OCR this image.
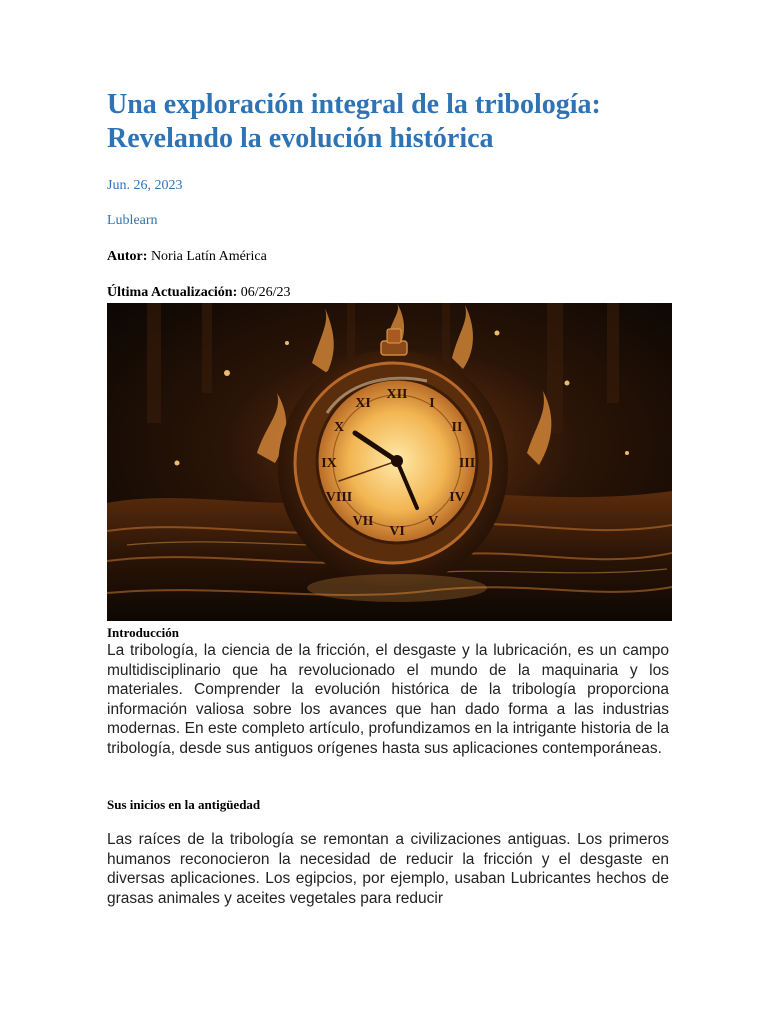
Una exploración integral de la tribología: Revelando la evolución histórica

Jun. 26, 2023

Lublearn

Autor: Noria Latín América

Última Actualización: 06/26/23

XII
I
II
III
IV
V
VI
VII
VIII
IX
X
XI

Introducción

La tribología, la ciencia de la fricción, el desgaste y la lubricación, es un campo multidisciplinario que ha revolucionado el mundo de la maquinaria y los materiales. Comprender la evolución histórica de la tribología proporciona información valiosa sobre los avances que han dado forma a las industrias modernas. En este completo artículo, profundizamos en la intrigante historia de la tribología, desde sus antiguos orígenes hasta sus aplicaciones contemporáneas.

Sus inicios en la antigüedad

Las raíces de la tribología se remontan a civilizaciones antiguas. Los primeros humanos reconocieron la necesidad de reducir la fricción y el desgaste en diversas aplicaciones. Los egipcios, por ejemplo, usaban Lubricantes hechos de grasas animales y aceites vegetales para reducir
